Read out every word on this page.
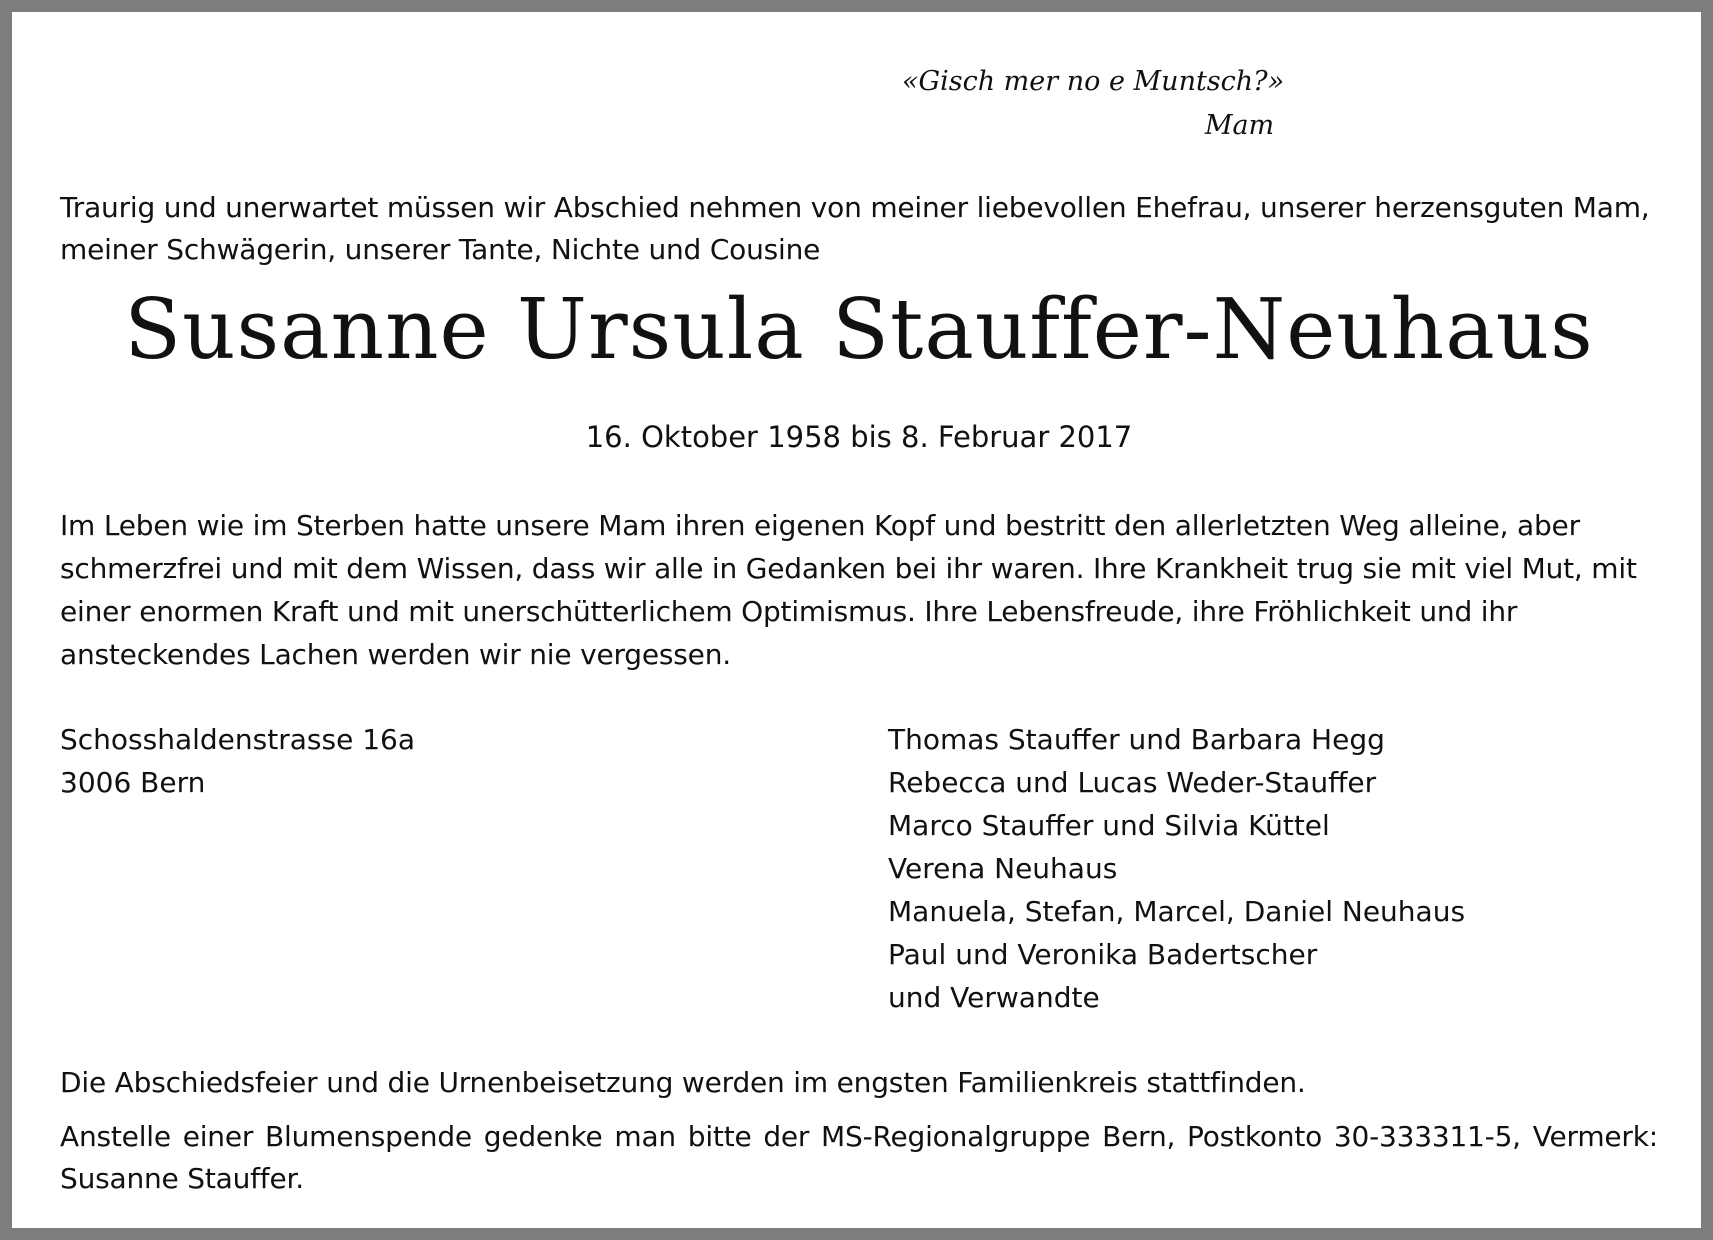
«Gisch mer no e Muntsch?»
Mam
Traurig und unerwartet müssen wir Abschied nehmen von meiner liebevollen Ehefrau, unserer herzensguten Mam, meiner Schwägerin, unserer Tante, Nichte und Cousine
Susanne Ursula Stauffer-Neuhaus
16. Oktober 1958 bis 8. Februar 2017
Im Leben wie im Sterben hatte unsere Mam ihren eigenen Kopf und bestritt den allerletzten Weg alleine, aber schmerzfrei und mit dem Wissen, dass wir alle in Gedanken bei ihr waren. Ihre Krankheit trug sie mit viel Mut, mit einer enormen Kraft und mit unerschütterlichem Optimismus. Ihre Lebensfreude, ihre Fröhlichkeit und ihr ansteckendes Lachen werden wir nie vergessen.
Schosshaldenstrasse 16a
3006 Bern
Thomas Stauffer und Barbara Hegg
Rebecca und Lucas Weder-Stauffer
Marco Stauffer und Silvia Küttel
Verena Neuhaus
Manuela, Stefan, Marcel, Daniel Neuhaus
Paul und Veronika Badertscher
und Verwandte
Die Abschiedsfeier und die Urnenbeisetzung werden im engsten Familienkreis stattfinden.
Anstelle einer Blumenspende gedenke man bitte der MS-Regionalgruppe Bern, Postkonto 30-333311-5, Vermerk: Susanne Stauffer.
